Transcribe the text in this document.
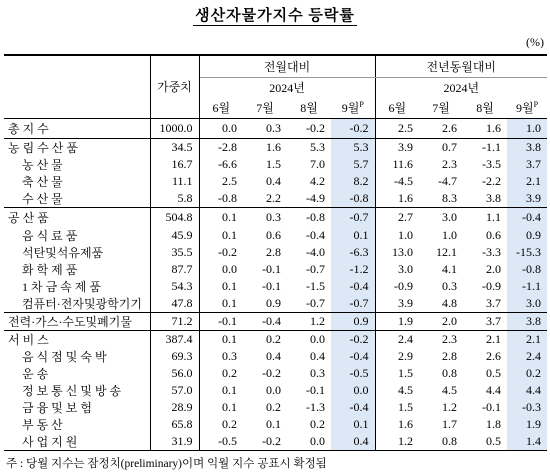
생산자물가지수 등락률
(%)
	가중치	전월대비				전년동월대비			
		2024년				2024년			
		6월	7월	8월	9월$^P$	6월	7월	8월	9월$^P$
총 지 수	1000.0	0.0	0.3	-0.2	-0.2	2.5	2.6	1.6	1.0
농 림 수 산 품	34.5	-2.8	1.6	5.3	5.3	3.9	0.7	-1.1	3.8
농 산 물	16.7	-6.6	1.5	7.0	5.7	11.6	2.3	-3.5	3.7
축 산 물	11.1	2.5	0.4	4.2	8.2	-4.5	-4.7	-2.2	2.1
수 산 물	5.8	-0.8	2.2	-4.9	-0.8	1.6	8.3	3.8	3.9
공 산 품	504.8	0.1	0.3	-0.8	-0.7	2.7	3.0	1.1	-0.4
음 식 료 품	45.9	0.1	0.6	-0.4	0.1	1.0	1.0	0.6	0.9
석탄및석유제품	35.5	-0.2	2.8	-4.0	-6.3	13.0	12.1	-3.3	-15.3
화 학 제 품	87.7	0.0	-0.1	-0.7	-1.2	3.0	4.1	2.0	-0.8
1 차 금 속 제 품	54.3	0.1	-0.1	-1.5	-0.4	-0.9	0.3	-0.9	-1.1
컴퓨터·전자및광학기기	47.8	0.1	0.9	-0.7	-0.7	3.9	4.8	3.7	3.0
전력·가스·수도및폐기물	71.2	-0.1	-0.4	1.2	0.9	1.9	2.0	3.7	3.8
서 비 스	387.4	0.1	0.2	0.0	-0.2	2.4	2.3	2.1	2.1
음 식 점 및 숙 박	69.3	0.3	0.4	0.4	-0.4	2.9	2.8	2.6	2.4
운 송	56.0	0.2	-0.2	0.3	-0.5	1.5	0.8	0.5	0.2
정 보 통 신 및 방 송	57.0	0.1	0.0	-0.1	0.0	4.5	4.5	4.4	4.4
금 융 및 보 험	28.9	0.1	0.2	-1.3	-0.4	1.5	1.2	-0.1	-0.3
부 동 산	65.8	0.2	0.1	0.2	0.1	1.6	1.7	1.8	1.9
사 업 지 원	31.9	-0.5	-0.2	0.0	0.4	1.2	0.8	0.5	1.4
주 : 당월 지수는 잠정치(preliminary)이며 익월 지수 공표시 확정됨
